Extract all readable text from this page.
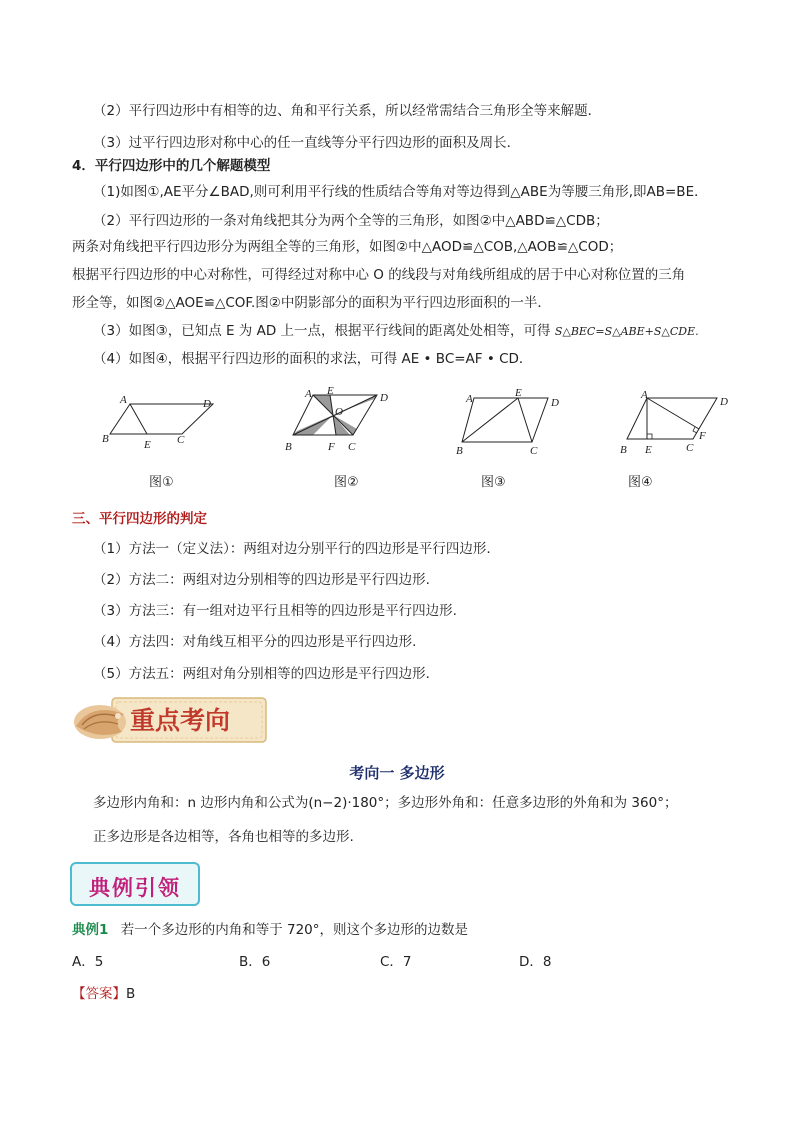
（2）平行四边形中有相等的边、角和平行关系，所以经常需结合三角形全等来解题．
（3）过平行四边形对称中心的任一直线等分平行四边形的面积及周长．
4．平行四边形中的几个解题模型
（1)如图①,AE平分∠BAD,则可利用平行线的性质结合等角对等边得到△ABE为等腰三角形,即AB=BE．
（2）平行四边形的一条对角线把其分为两个全等的三角形，如图②中△ABD≌△CDB；
两条对角线把平行四边形分为两组全等的三角形，如图②中△AOD≌△COB,△AOB≌△COD；
根据平行四边形的中心对称性，可得经过对称中心 O 的线段与对角线所组成的居于中心对称位置的三角
形全等，如图②△AOE≌△COF.图②中阴影部分的面积为平行四边形面积的一半．
（3）如图③，已知点 E 为 AD 上一点，根据平行线间的距离处处相等，可得 S△BEC=S△ABE+S△CDE.
（4）如图④，根据平行四边形的面积的求法，可得 AE • BC=AF • CD．
A	D
B	E C
图①
A E
D
O
B	F C
图②
A	E
D
B	C
图③
A
D
F
B E	C
图④
三、平行四边形的判定
（1）方法一（定义法）：两组对边分别平行的四边形是平行四边形.
（2）方法二：两组对边分别相等的四边形是平行四边形.
（3）方法三：有一组对边平行且相等的四边形是平行四边形.
（4）方法四：对角线互相平分的四边形是平行四边形.
（5）方法五：两组对角分别相等的四边形是平行四边形．
重点考向
考向一 多边形
多边形内角和：n 边形内角和公式为(n−2)·180°；多边形外角和：任意多边形的外角和为 360°；
正多边形是各边相等，各角也相等的多边形.
典例引领
典例1 若一个多边形的内角和等于 720°，则这个多边形的边数是
A．5	B．6	C．7	D．8
【答案】B
